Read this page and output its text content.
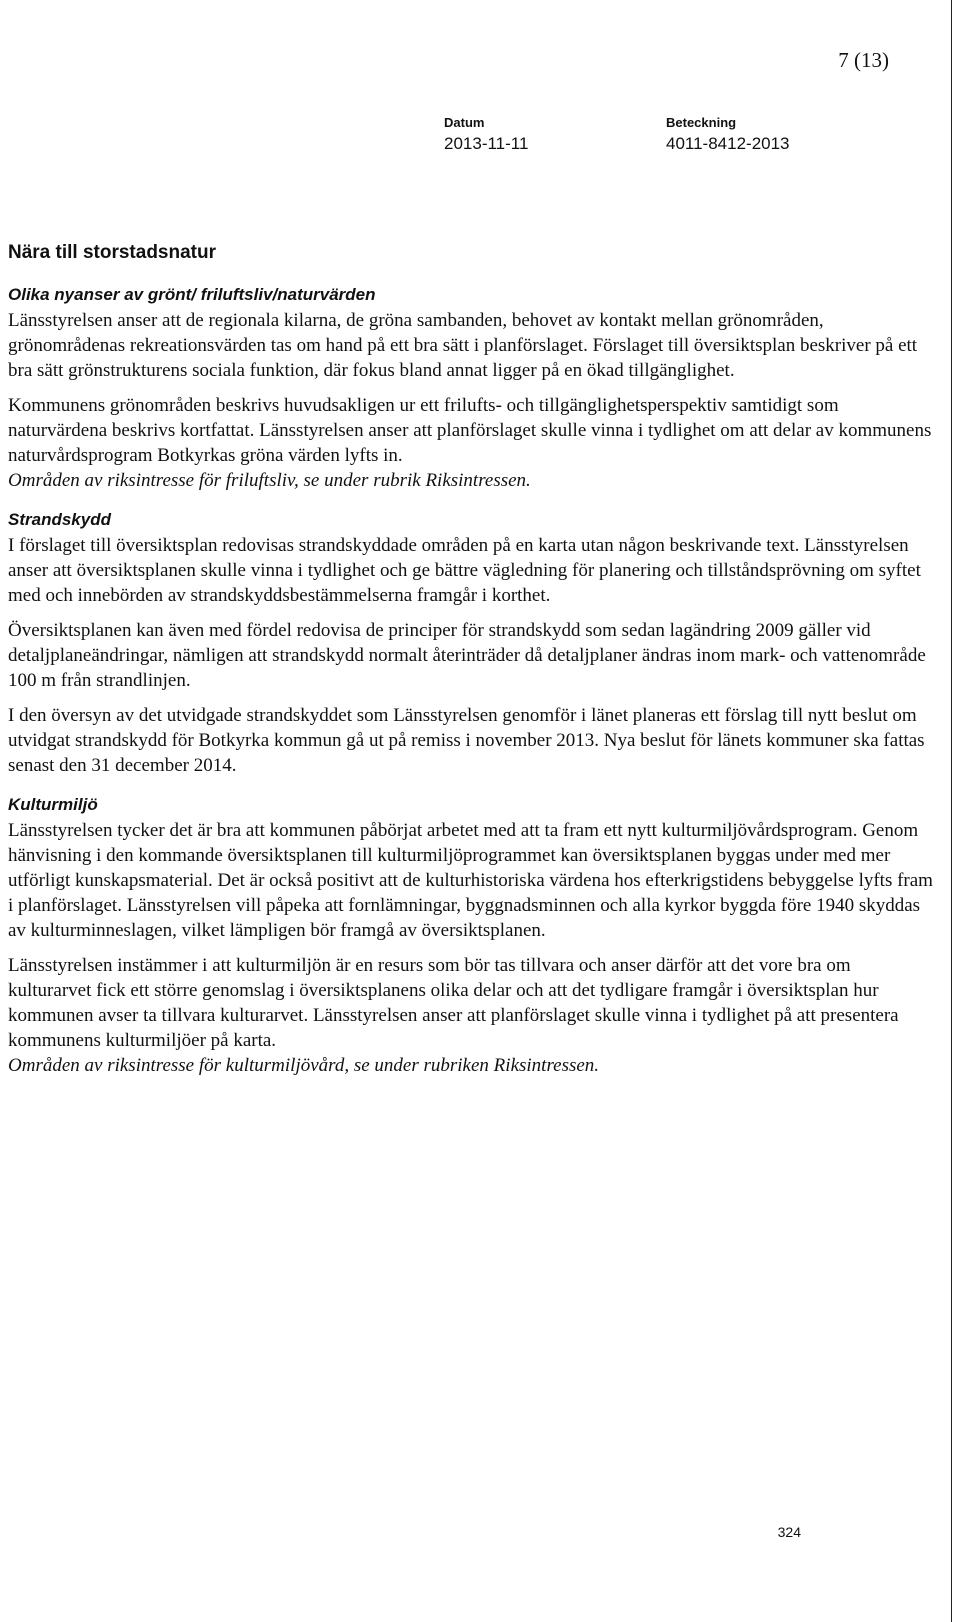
7 (13)
Datum
2013-11-11
Beteckning
4011-8412-2013
Nära till storstadsnatur
Olika nyanser av grönt/ friluftsliv/naturvärden

Länsstyrelsen anser att de regionala kilarna, de gröna sambanden, behovet av kontakt mellan grönområden, grönområdenas rekreationsvärden tas om hand på ett bra sätt i planförslaget. Förslaget till översiktsplan beskriver på ett bra sätt grönstrukturens sociala funktion, där fokus bland annat ligger på en ökad tillgänglighet.

Kommunens grönområden beskrivs huvudsakligen ur ett frilufts- och tillgänglighetsperspektiv samtidigt som naturvärdena beskrivs kortfattat. Länsstyrelsen anser att planförslaget skulle vinna i tydlighet om att delar av kommunens naturvårdsprogram Botkyrkas gröna värden lyfts in.

Områden av riksintresse för friluftsliv, se under rubrik Riksintressen.

Strandskydd

I förslaget till översiktsplan redovisas strandskyddade områden på en karta utan någon beskrivande text. Länsstyrelsen anser att översiktsplanen skulle vinna i tydlighet och ge bättre vägledning för planering och tillståndsprövning om syftet med och innebörden av strandskyddsbestämmelserna framgår i korthet.

Översiktsplanen kan även med fördel redovisa de principer för strandskydd som sedan lagändring 2009 gäller vid detaljplaneändringar, nämligen att strandskydd normalt återinträder då detaljplaner ändras inom mark- och vattenområde 100 m från strandlinjen.

I den översyn av det utvidgade strandskyddet som Länsstyrelsen genomför i länet planeras ett förslag till nytt beslut om utvidgat strandskydd för Botkyrka kommun gå ut på remiss i november 2013. Nya beslut för länets kommuner ska fattas senast den 31 december 2014.

Kulturmiljö

Länsstyrelsen tycker det är bra att kommunen påbörjat arbetet med att ta fram ett nytt kulturmiljövårdsprogram. Genom hänvisning i den kommande översiktsplanen till kulturmiljöprogrammet kan översiktsplanen byggas under med mer utförligt kunskapsmaterial. Det är också positivt att de kulturhistoriska värdena hos efterkrigstidens bebyggelse lyfts fram i planförslaget. Länsstyrelsen vill påpeka att fornlämningar, byggnadsminnen och alla kyrkor byggda före 1940 skyddas av kulturminneslagen, vilket lämpligen bör framgå av översiktsplanen.

Länsstyrelsen instämmer i att kulturmiljön är en resurs som bör tas tillvara och anser därför att det vore bra om kulturarvet fick ett större genomslag i översiktsplanens olika delar och att det tydligare framgår i översiktsplan hur kommunen avser ta tillvara kulturarvet. Länsstyrelsen anser att planförslaget skulle vinna i tydlighet på att presentera kommunens kulturmiljöer på karta.

Områden av riksintresse för kulturmiljövård, se under rubriken Riksintressen.

324
